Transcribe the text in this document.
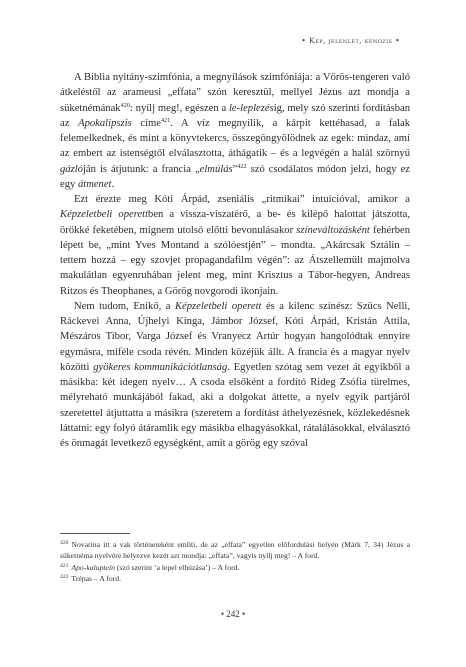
• Kép, jelenlét, kenózis •

A Biblia nyitány-szimfónia, a megnyílások szimfóniája: a Vörös-tengeren való átkeléstől az arameusi „effata” szón keresztül, mellyel Jézus azt mondja a süketnémának$^{420}$: nyílj meg!, egészen a le-leplezésig, mely szó szerinti fordításban az Apokalipszis címe$^{421}$. A víz megnyílik, a kárpit kettéhasad, a falak felemelkednek, és mint a könyvtekercs, összegöngyölödnek az egek: mindaz, ami az embert az istenségtől elválasztotta, áthágatik – és a legvégén a halál szörnyű gázlóján is átjutunk: a francia „elmúlás”$^{422}$ szó csodálatos módon jelzi, hogy ez egy átmenet.

Ezt érezte meg Kóti Árpád, zseniális „ritmikai” intuícióval, amikor a Képzeletbeli operettben a vissza-viszatérő, a be- és kilépő halottat játszotta, örökké feketében, mígnem utolsó előtti bevonulásakor színeváltozásként fehérben lépett be, „mint Yves Montand a szólóestjén” – mondta. „Akárcsak Sztálin – tettem hozzá – egy szovjet propagandafilm végén”: az Átszellemült majmolva makulátlan egyenruhában jelent meg, mint Krisztus a Tábor-hegyen, Andreas Ritzos és Theophanes, a Görög novgorodi ikonjain.

Nem tudom, Enikő, a Képzeletbeli operett és a kilenc színész: Szűcs Nelli, Ráckevei Anna, Újhelyi Kinga, Jámbor József, Kóti Árpád, Kristán Attila, Mészáros Tibor, Varga József és Vranyecz Artúr hogyan hangolódtak ennyire egymásra, miféle csoda révén. Minden közéjük állt. A francia és a magyar nyelv közötti gyökeres kommunikációtlanság. Egyetlen szótag sem vezet át egyikből a másikba: két idegen nyelv… A csoda elsőként a fordító Rideg Zsófia türelmes, mélyreható munkájából fakad, aki a dolgokat áttette, a nyelv egyik partjáról szeretettel átjuttatta a másikra (szeretem a fordítást áthelyezésnek, közlekedésnek láttatni: egy folyó átáramlik egy másikba elhagyásokkal, rátalálásokkal, elválasztó és önmagát levetkező egységként, amit a görög egy szóval

$^{420}$ Novarina itt a vak történeteként említi, de az „effata” egyetlen előfordulási helyén (Márk 7, 34) Jézus a süketnéma nyelvére helyezve kezét azt mondja: „effata”, vagyis nyílj meg! – A ford.
$^{421}$ Apo-kalupteín (szó szerint ’a lepel elhúzása’) – A ford.
$^{422}$ Trépas – A ford.
• 242 •
